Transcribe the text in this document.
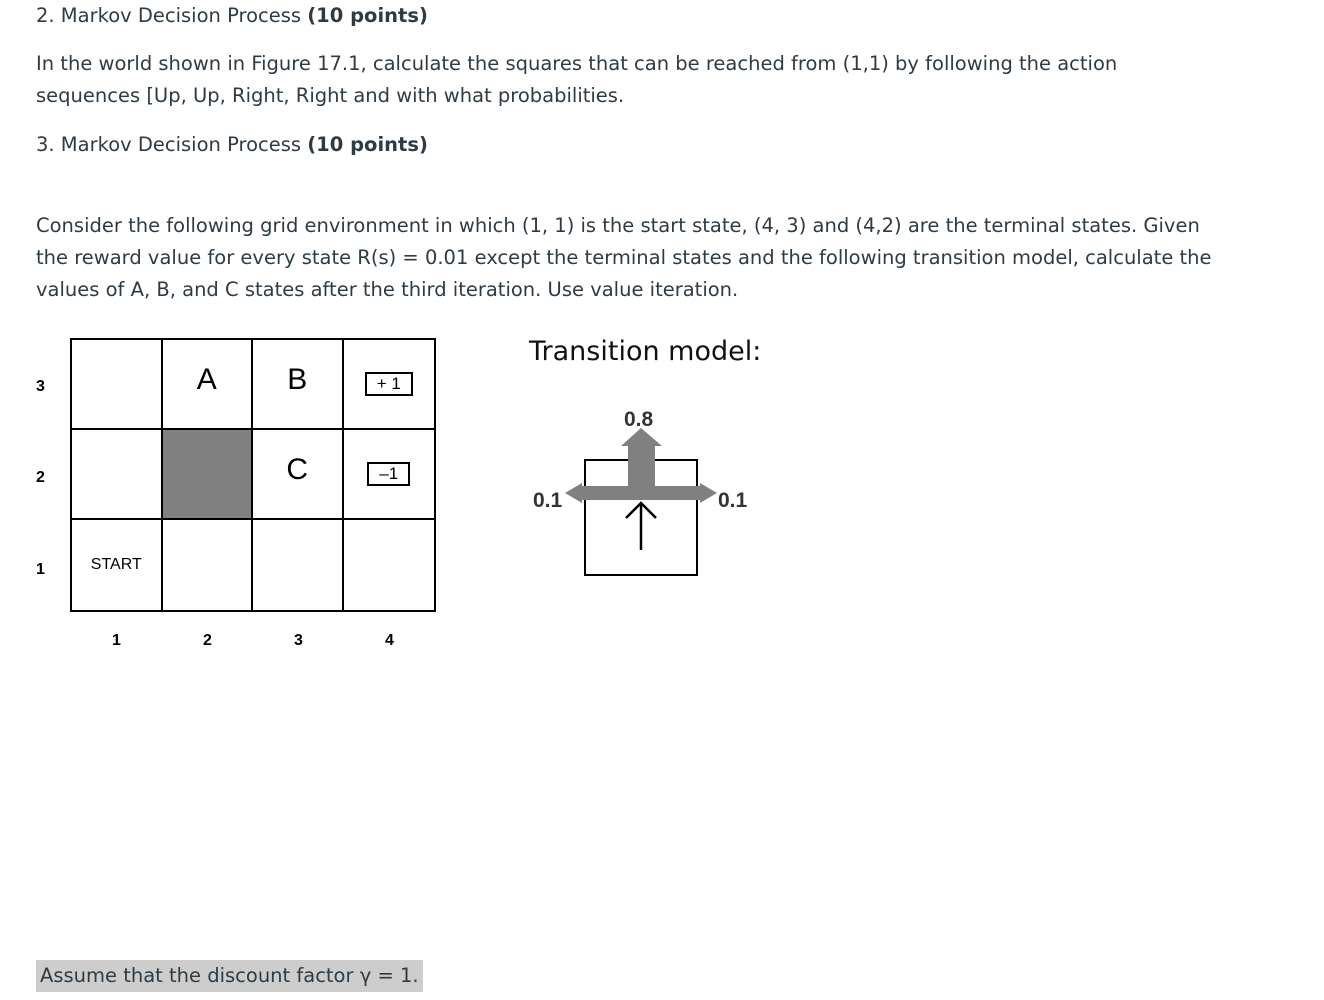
2. Markov Decision Process (10 points)

In the world shown in Figure 17.1, calculate the squares that can be reached from (1,1) by following the action sequences [Up, Up, Right, Right and with what probabilities.

3. Markov Decision Process (10 points)

Consider the following grid environment in which (1, 1) is the start state, (4, 3) and (4,2) are the terminal states. Given the reward value for every state R(s) = 0.01 except the terminal states and the following transition model, calculate the values of A, B, and C states after the third iteration. Use value iteration.

3
2
1
A B	+ 1
C	–1
START
1	2	3	4
Transition model:
0.8
0.1	0.1
Assume that the discount factor γ = 1.
